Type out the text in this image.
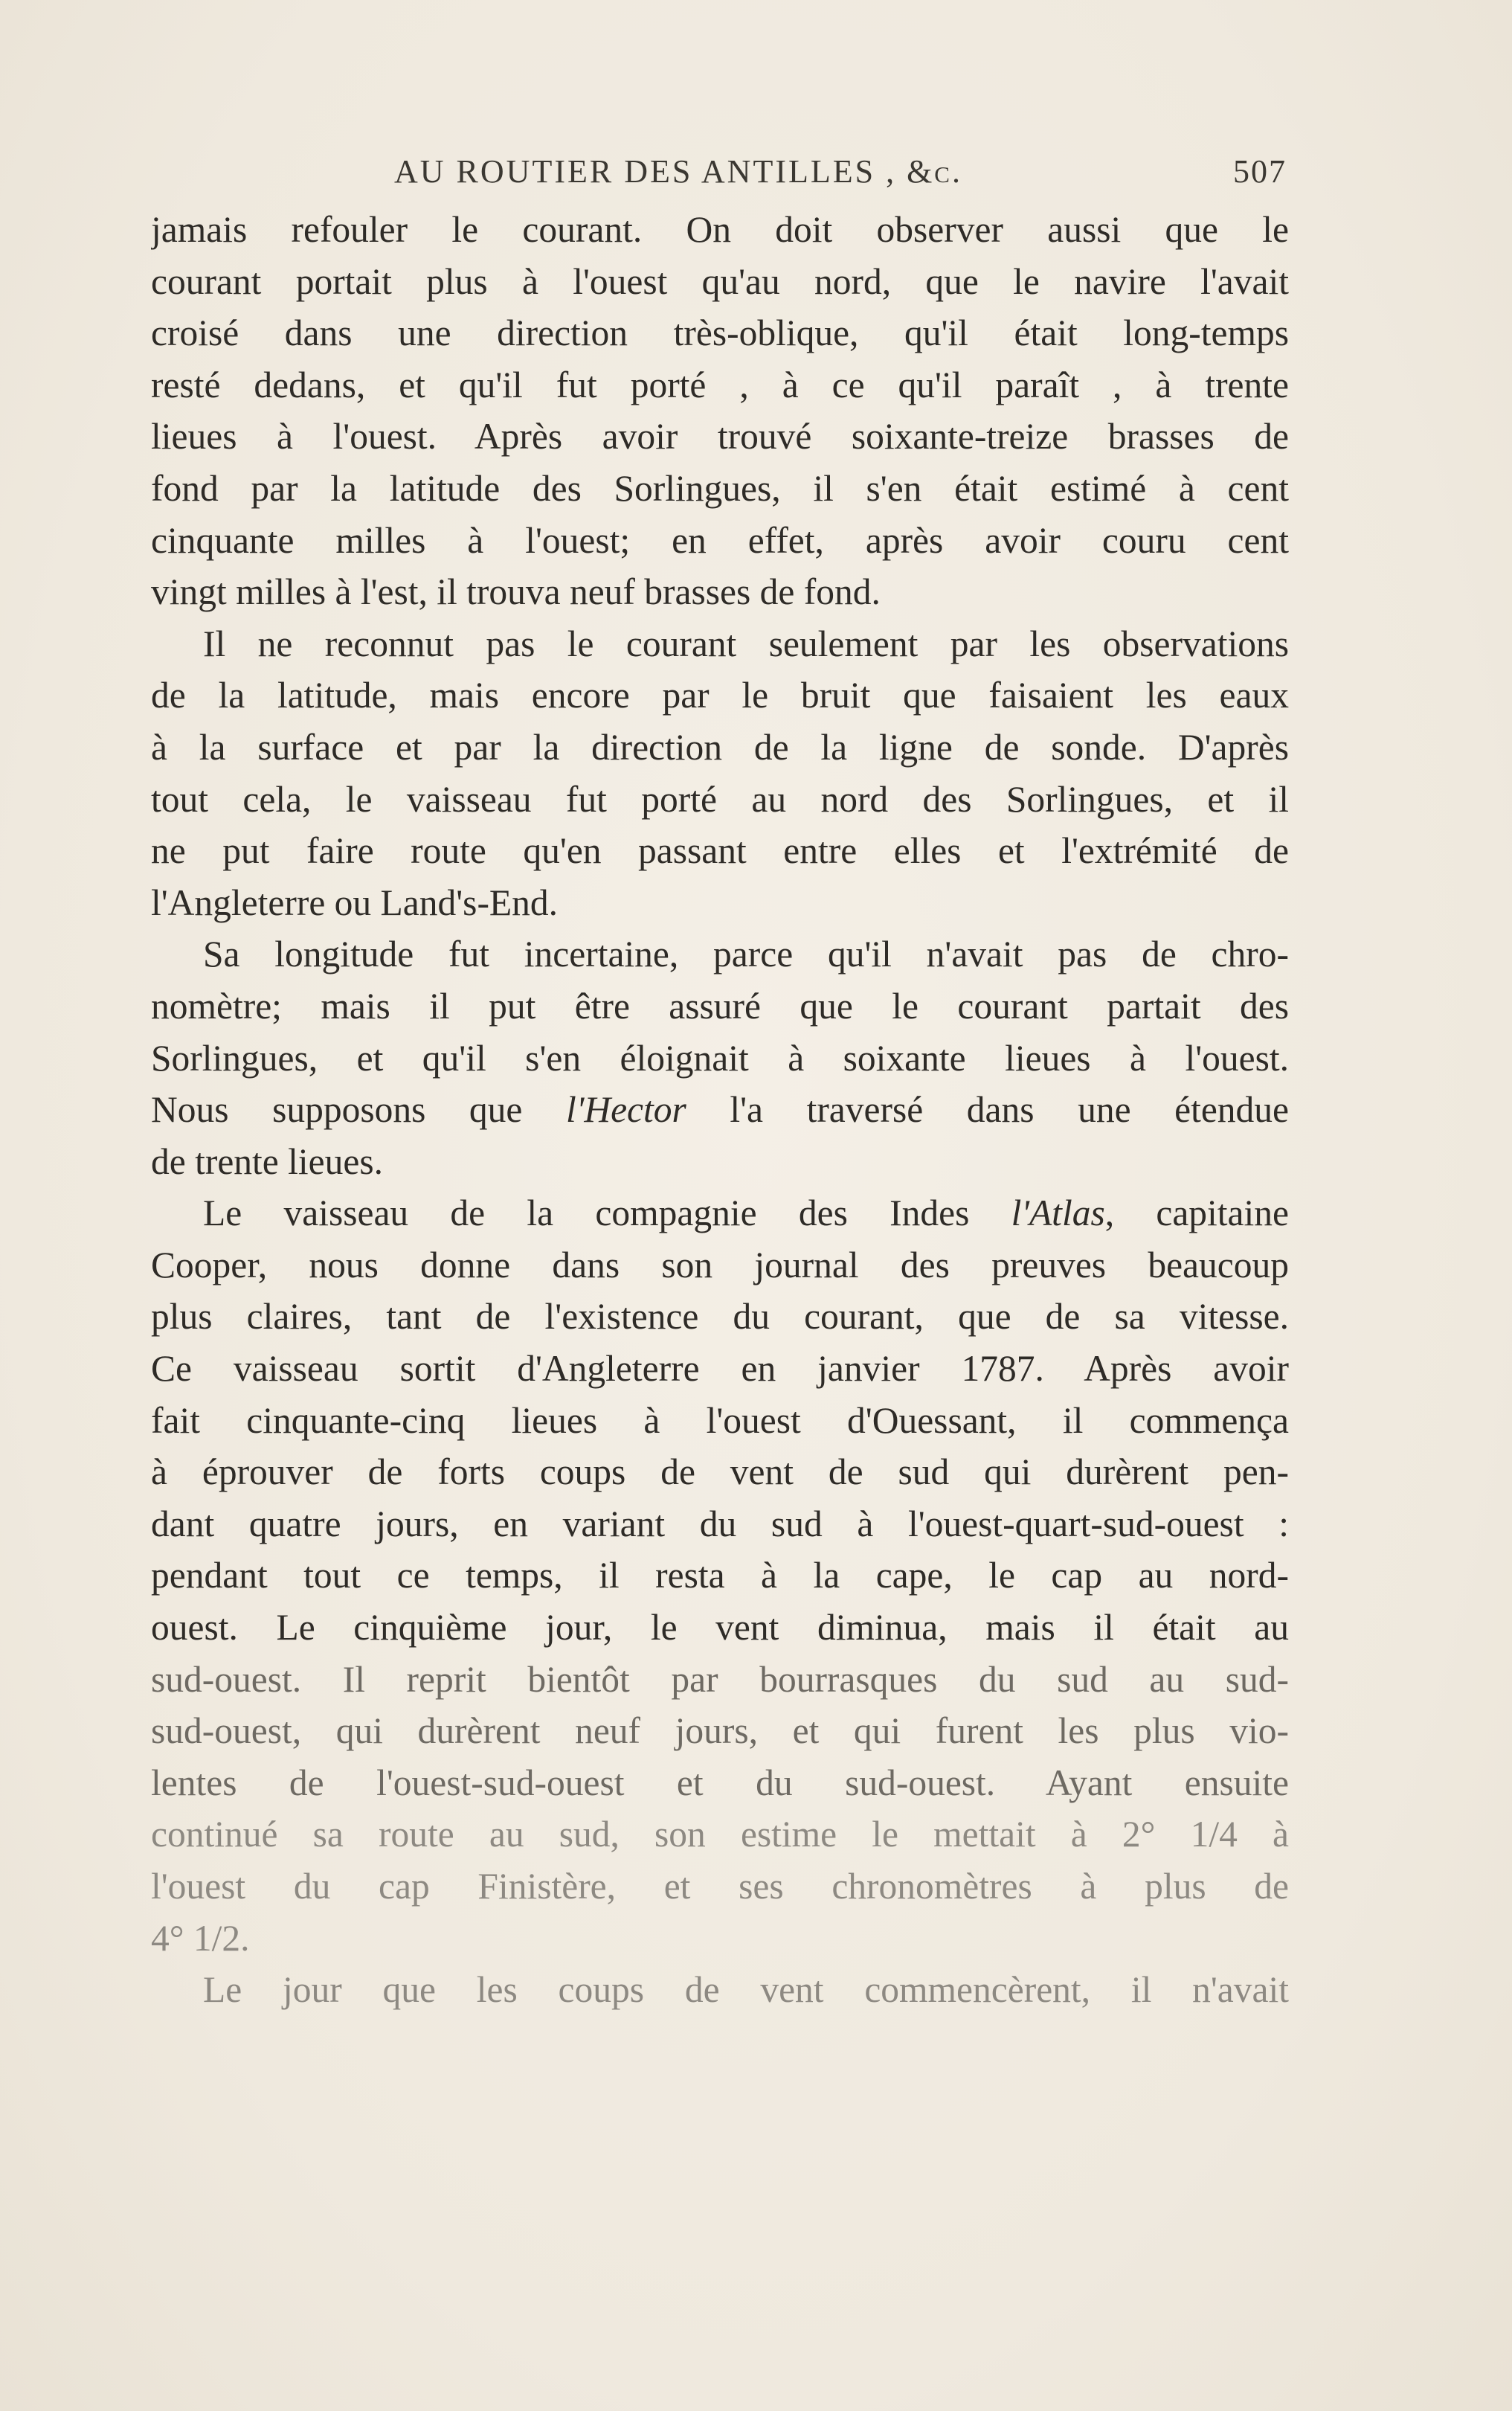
AU ROUTIER DES ANTILLES , &c.	507
jamais refouler le courant. On doit observer aussi que le
courant portait plus à l'ouest qu'au nord, que le navire l'avait
croisé dans une direction très-oblique, qu'il était long-temps
resté dedans, et qu'il fut porté , à ce qu'il paraît , à trente
lieues à l'ouest. Après avoir trouvé soixante-treize brasses de
fond par la latitude des Sorlingues, il s'en était estimé à cent
cinquante milles à l'ouest; en effet, après avoir couru cent
vingt milles à l'est, il trouva neuf brasses de fond.
Il ne reconnut pas le courant seulement par les observations
de la latitude, mais encore par le bruit que faisaient les eaux
à la surface et par la direction de la ligne de sonde. D'après
tout cela, le vaisseau fut porté au nord des Sorlingues, et il
ne put faire route qu'en passant entre elles et l'extrémité de
l'Angleterre ou Land's-End.
Sa longitude fut incertaine, parce qu'il n'avait pas de chro-
nomètre; mais il put être assuré que le courant partait des
Sorlingues, et qu'il s'en éloignait à soixante lieues à l'ouest.
Nous supposons que l'Hector l'a traversé dans une étendue
de trente lieues.
Le vaisseau de la compagnie des Indes l'Atlas, capitaine
Cooper, nous donne dans son journal des preuves beaucoup
plus claires, tant de l'existence du courant, que de sa vitesse.
Ce vaisseau sortit d'Angleterre en janvier 1787. Après avoir
fait cinquante-cinq lieues à l'ouest d'Ouessant, il commença
à éprouver de forts coups de vent de sud qui durèrent pen-
dant quatre jours, en variant du sud à l'ouest-quart-sud-ouest :
pendant tout ce temps, il resta à la cape, le cap au nord-
ouest. Le cinquième jour, le vent diminua, mais il était au
sud-ouest. Il reprit bientôt par bourrasques du sud au sud-
sud-ouest, qui durèrent neuf jours, et qui furent les plus vio-
lentes de l'ouest-sud-ouest et du sud-ouest. Ayant ensuite
continué sa route au sud, son estime le mettait à 2° 1/4 à
l'ouest du cap Finistère, et ses chronomètres à plus de
4° 1/2.
Le jour que les coups de vent commencèrent, il n'avait
